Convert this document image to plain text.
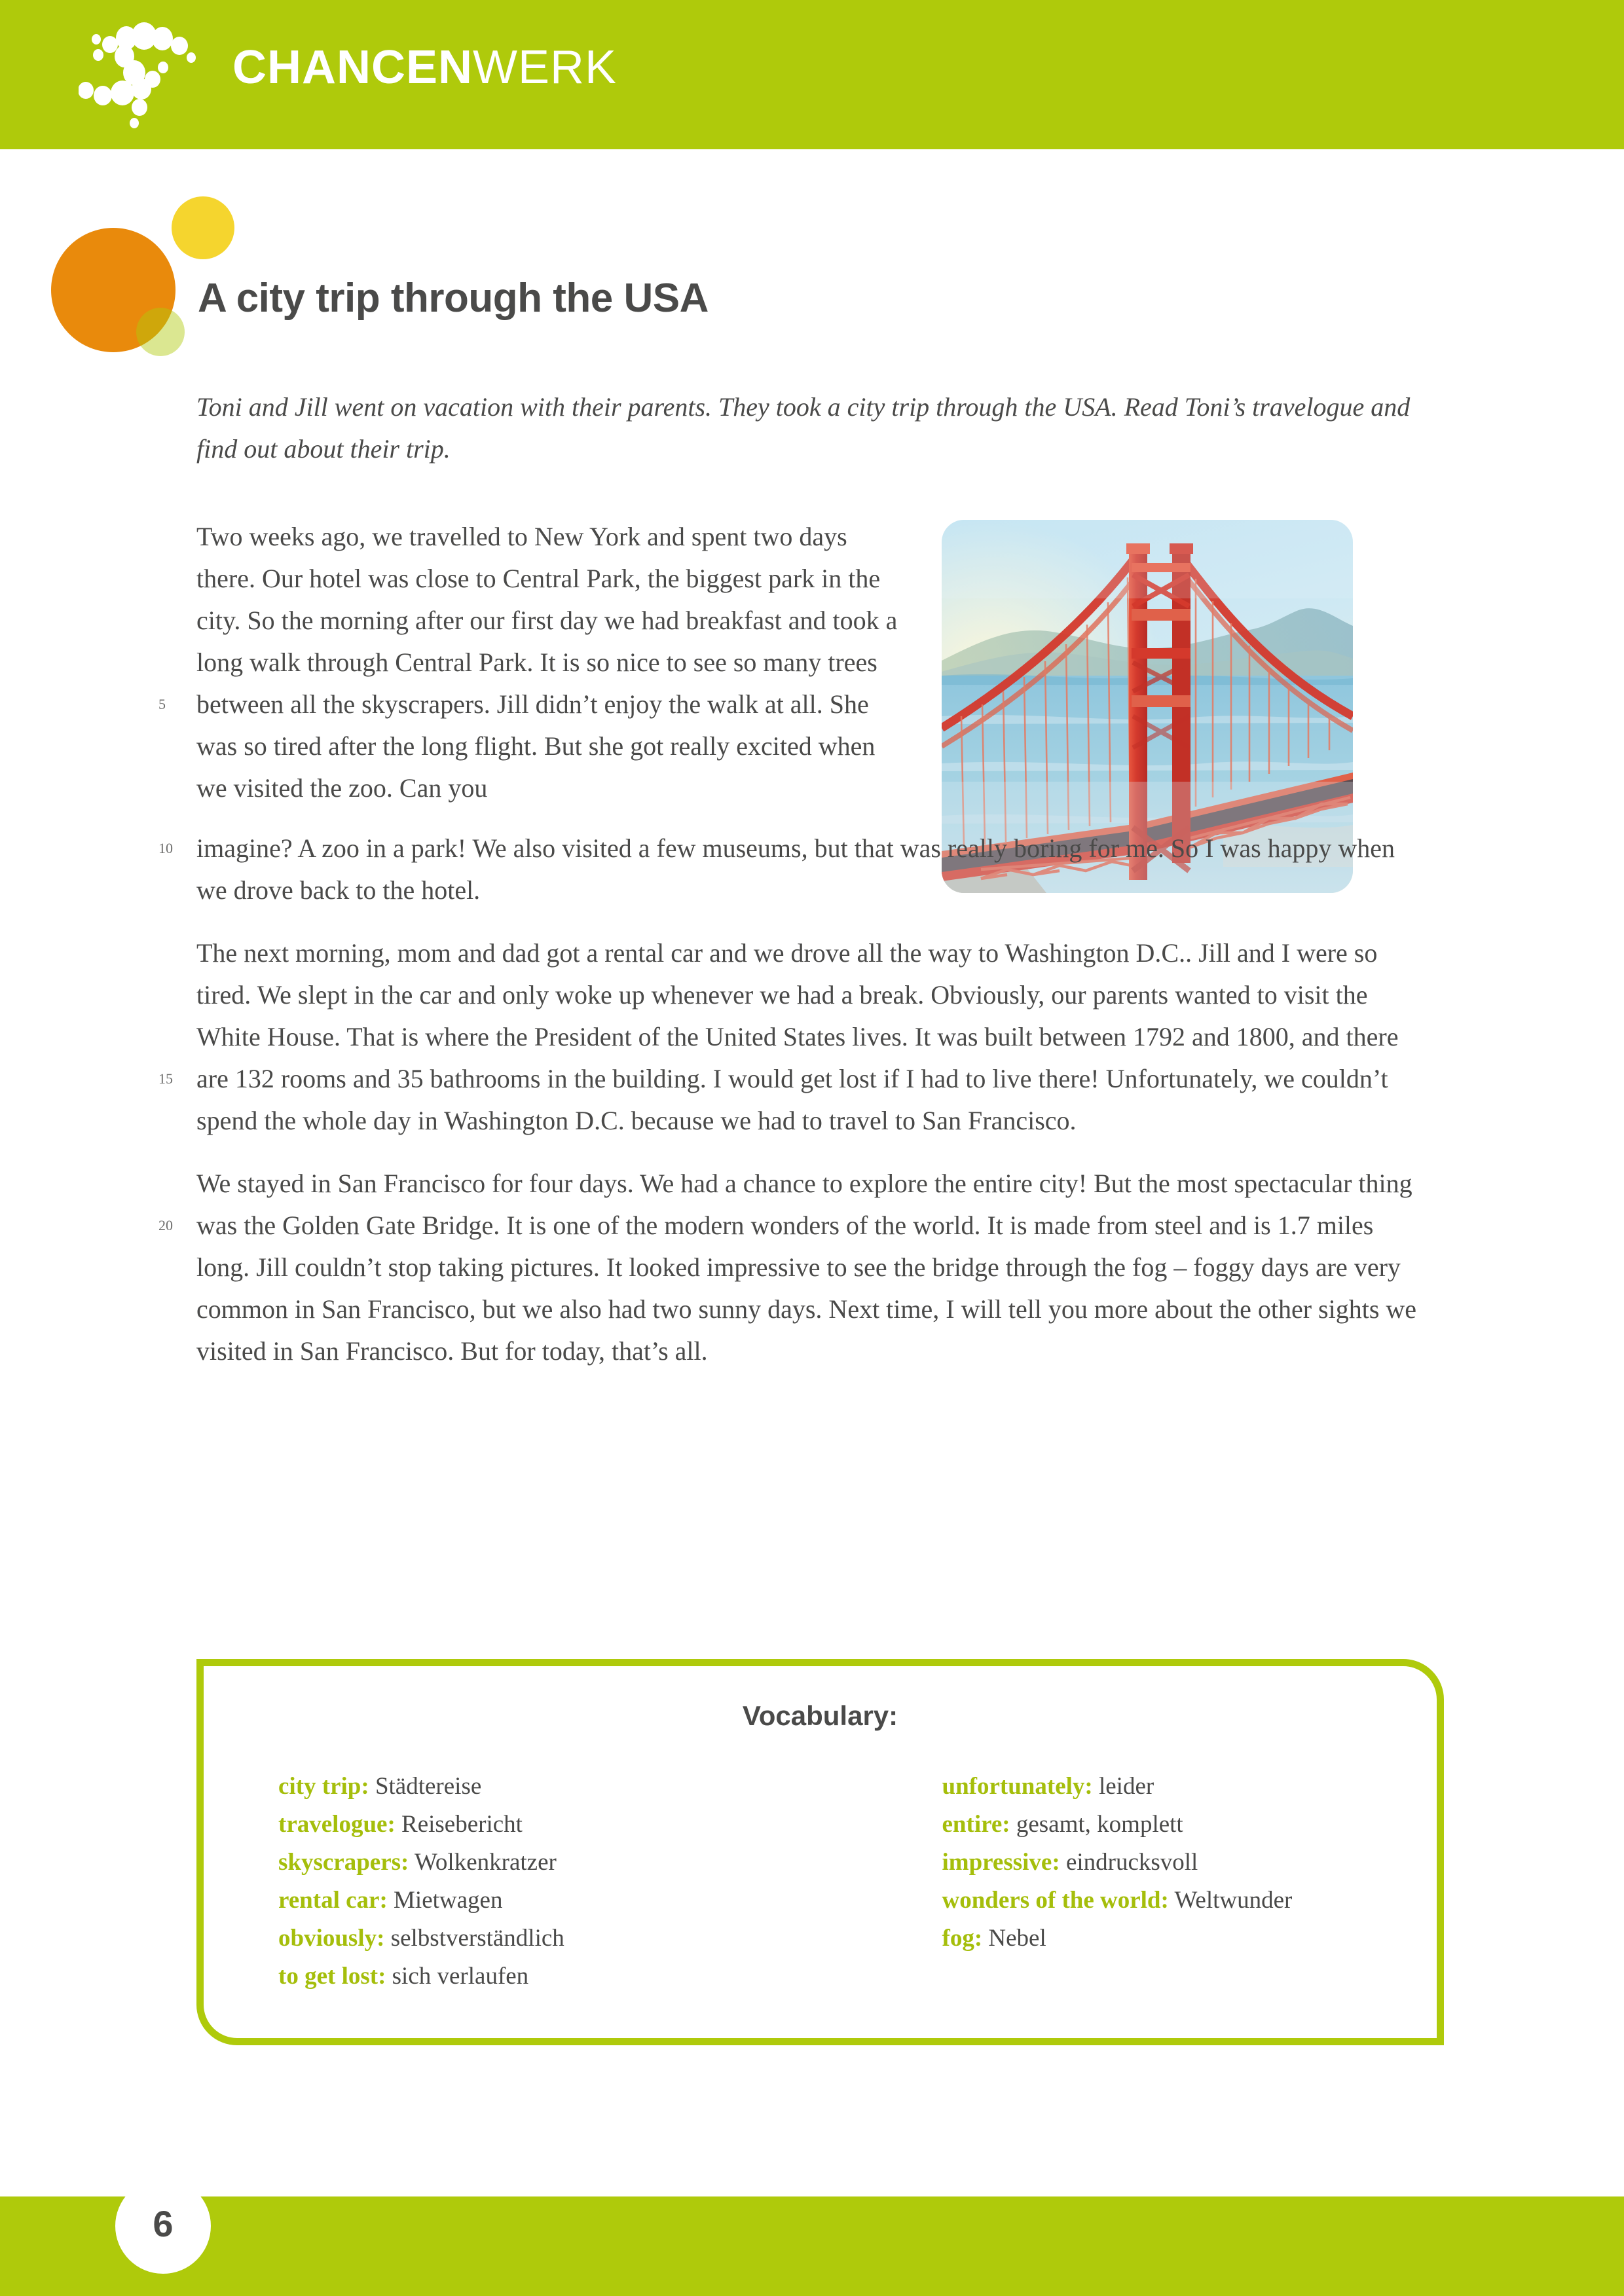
CHANCENWERK
A city trip through the USA
Toni and Jill went on vacation with their parents. They took a city trip through the USA. Read Toni’s travelogue and find out about their trip.
5
Two weeks ago, we travelled to New York and spent two days there. Our hotel was close to Central Park, the biggest park in the city. So the morning after our first day we had breakfast and took a long walk through Central Park. It is so nice to see so many trees between all the skyscrapers. Jill didn’t enjoy the walk at all. She was so tired after the long flight. But she got really excited when we visited the zoo. Can you
10 imagine? A zoo in a park! We also visited a few museums, but that was really boring for me. So I was happy when we drove back to the hotel.
15
The next morning, mom and dad got a rental car and we drove all the way to Washington D.C.. Jill and I were so tired. We slept in the car and only woke up whenever we had a break. Obviously, our parents wanted to visit the White House. That is where the President of the United States lives. It was built between 1792 and 1800, and there are 132 rooms and 35 bathrooms in the building. I would get lost if I had to live there! Unfortunately, we couldn’t spend the whole day in Washington D.C. because we had to travel to San Francisco.
20
We stayed in San Francisco for four days. We had a chance to explore the entire city! But the most spectacular thing was the Golden Gate Bridge. It is one of the modern wonders of the world. It is made from steel and is 1.7 miles long. Jill couldn’t stop taking pictures. It looked impressive to see the bridge through the fog – foggy days are very common in San Francisco, but we also had two sunny days. Next time, I will tell you more about the other sights we visited in San Francisco. But for today, that’s all.
Vocabulary:
city trip: Städtereise
travelogue: Reisebericht
skyscrapers: Wolkenkratzer
rental car: Mietwagen
obviously: selbstverständlich
to get lost: sich verlaufen
unfortunately: leider
entire: gesamt, komplett
impressive: eindrucksvoll
wonders of the world: Weltwunder
fog: Nebel
6
